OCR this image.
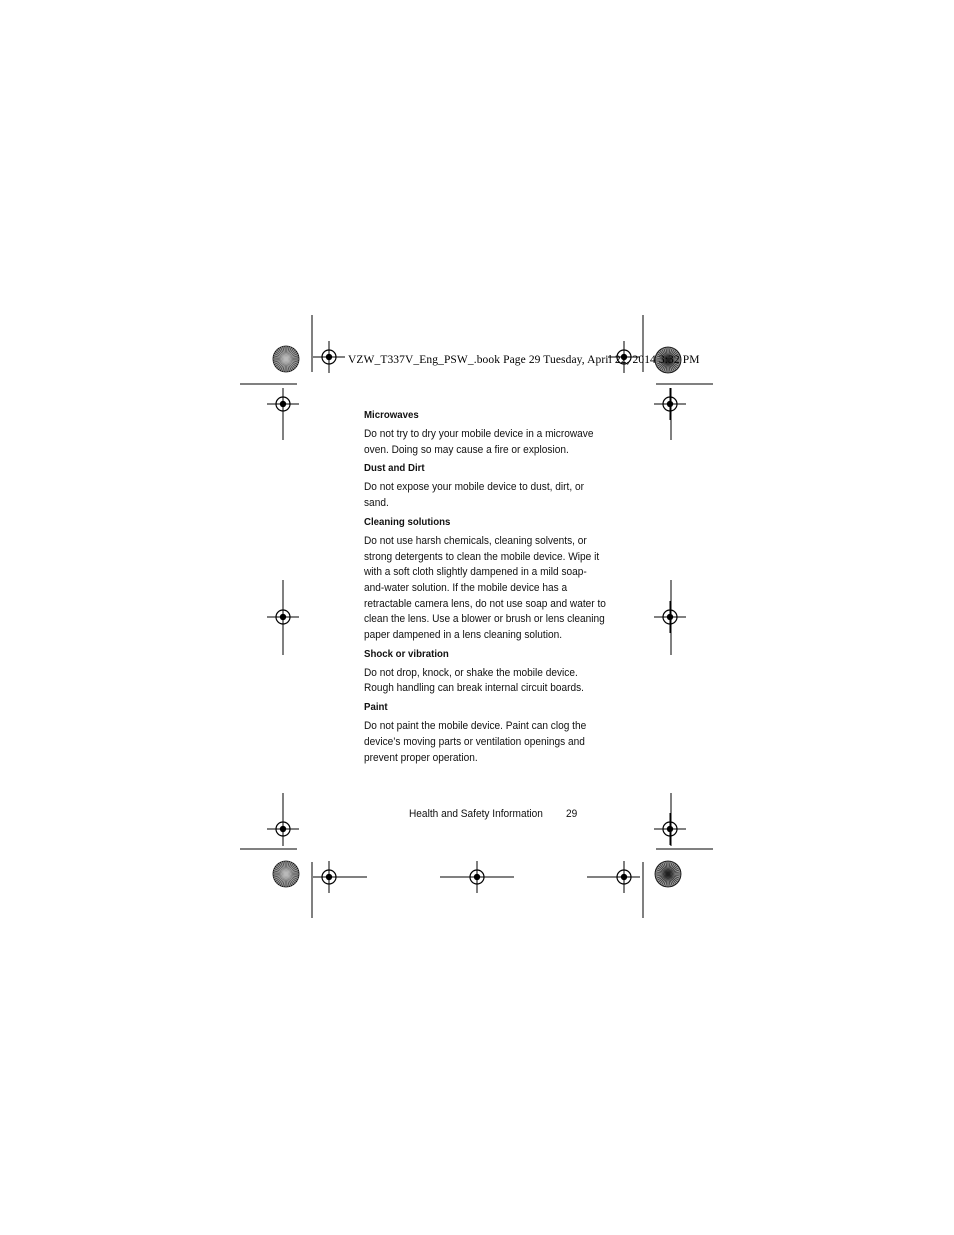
VZW_T337V_Eng_PSW_.book Page 29 Tuesday, April 22, 2014 3:32 PM

Microwaves

Do not try to dry your mobile device in a microwave oven. Doing so may cause a fire or explosion.

Dust and Dirt

Do not expose your mobile device to dust, dirt, or sand.

Cleaning solutions

Do not use harsh chemicals, cleaning solvents, or strong detergents to clean the mobile device. Wipe it with a soft cloth slightly dampened in a mild soap-and-water solution. If the mobile device has a retractable camera lens, do not use soap and water to clean the lens. Use a blower or brush or lens cleaning paper dampened in a lens cleaning solution.

Shock or vibration

Do not drop, knock, or shake the mobile device. Rough handling can break internal circuit boards.

Paint

Do not paint the mobile device. Paint can clog the device’s moving parts or ventilation openings and prevent proper operation.

Health and Safety Information 29
